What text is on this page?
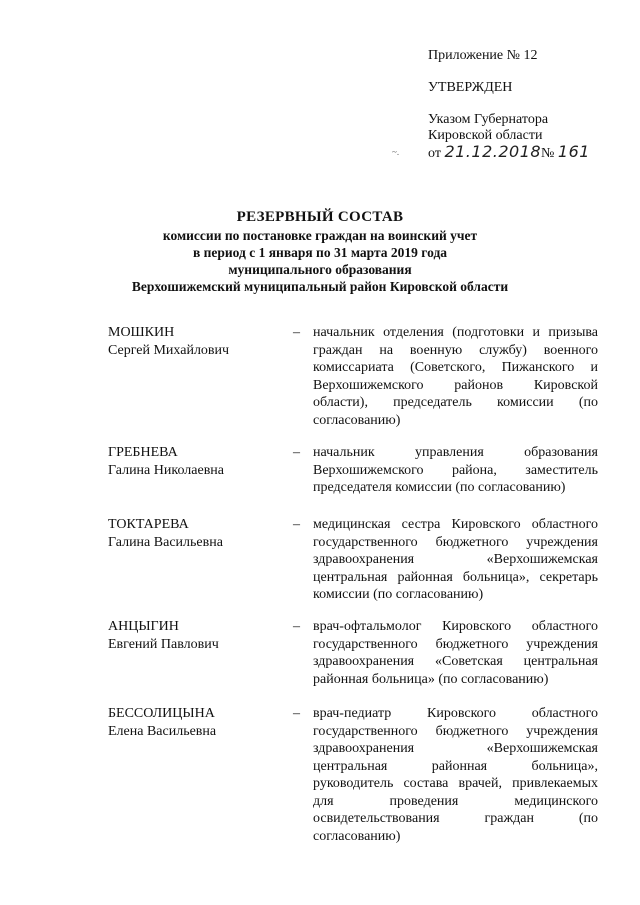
Приложение № 12
УТВЕРЖДЕН
Указом Губернатора
Кировской области
от 21.12.2018№ 161
~.
РЕЗЕРВНЫЙ СОСТАВ
комиссии по постановке граждан на воинский учет
в период с 1 января по 31 марта 2019 года
муниципального образования
Верхошижемский муниципальный район Кировской области
МОШКИН
Сергей Михайлович
– начальник отделения (подготовки и призыва граждан на военную службу) военного комиссариата (Советского, Пижанского и Верхошижемского районов Кировской области), председатель комиссии (по согласованию)
ГРЕБНЕВА
Галина Николаевна
– начальник управления образования Верхошижемского района, заместитель председателя комиссии (по согласованию)
ТОКТАРЕВА
Галина Васильевна
– медицинская сестра Кировского областного государственного бюджетного учреждения здравоохранения «Верхошижемская центральная районная больница», секретарь комиссии (по согласованию)
АНЦЫГИН
Евгений Павлович
– врач-офтальмолог Кировского областного государственного бюджетного учреждения здравоохранения «Советская центральная районная больница» (по согласованию)
БЕССОЛИЦЫНА
Елена Васильевна
– врач-педиатр Кировского областного государственного бюджетного учреждения здравоохранения «Верхошижемская центральная районная больница», руководитель состава врачей, привлекаемых для проведения медицинского освидетельствования граждан (по согласованию)
